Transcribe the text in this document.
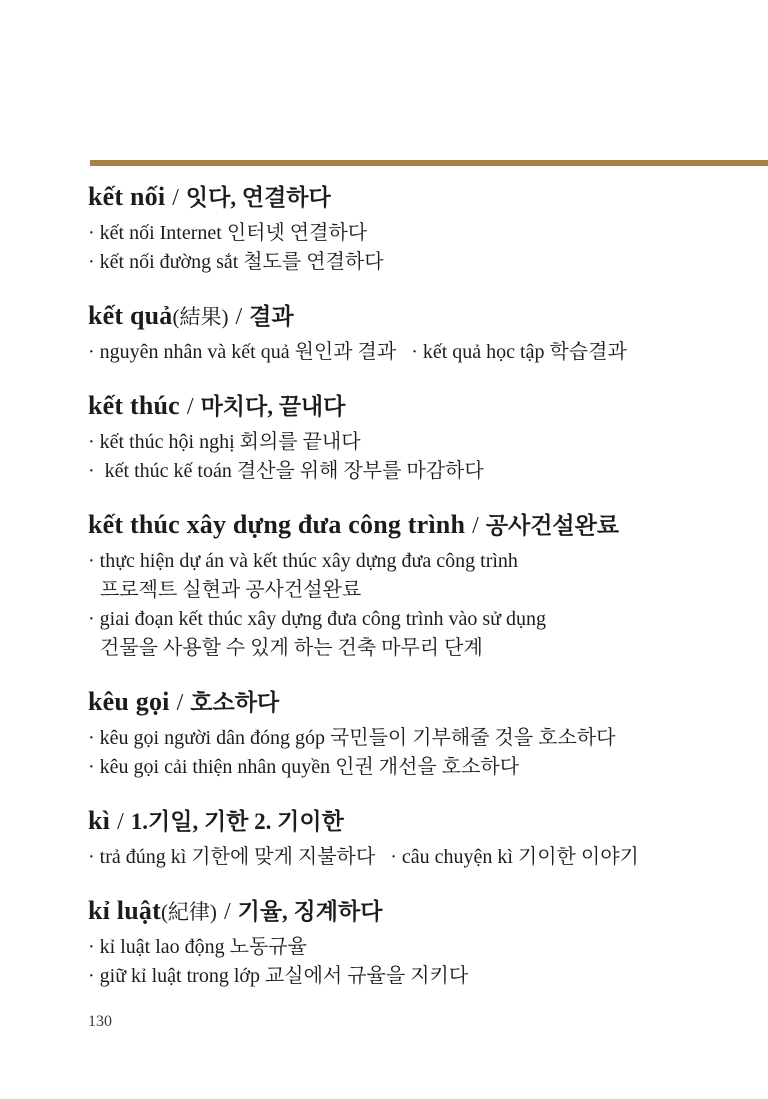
kết nối / 잇다, 연결하다

· kết nối Internet 인터넷 연결하다

· kết nối đường sắt 철도를 연결하다

kết quả(結果) / 결과

· nguyên nhân và kết quả 원인과 결과   · kết quả học tập 학습결과

kết thúc / 마치다, 끝내다

· kết thúc hội nghị 회의를 끝내다

·  kết thúc kế toán 결산을 위해 장부를 마감하다

kết thúc xây dựng đưa công trình / 공사건설완료

· thực hiện dự án và kết thúc xây dựng đưa công trình

프로젝트 실현과 공사건설완료

· giai đoạn kết thúc xây dựng đưa công trình vào sử dụng

건물을 사용할 수 있게 하는 건축 마무리 단계

kêu gọi / 호소하다

· kêu gọi người dân đóng góp 국민들이 기부해줄 것을 호소하다

· kêu gọi cải thiện nhân quyền 인권 개선을 호소하다

kì / 1.기일, 기한 2. 기이한

· trả đúng kì 기한에 맞게 지불하다   · câu chuyện kì 기이한 이야기

kỉ luật(紀律) / 기율, 징계하다

· kỉ luật lao động 노동규율

· giữ kỉ luật trong lớp 교실에서 규율을 지키다

130
